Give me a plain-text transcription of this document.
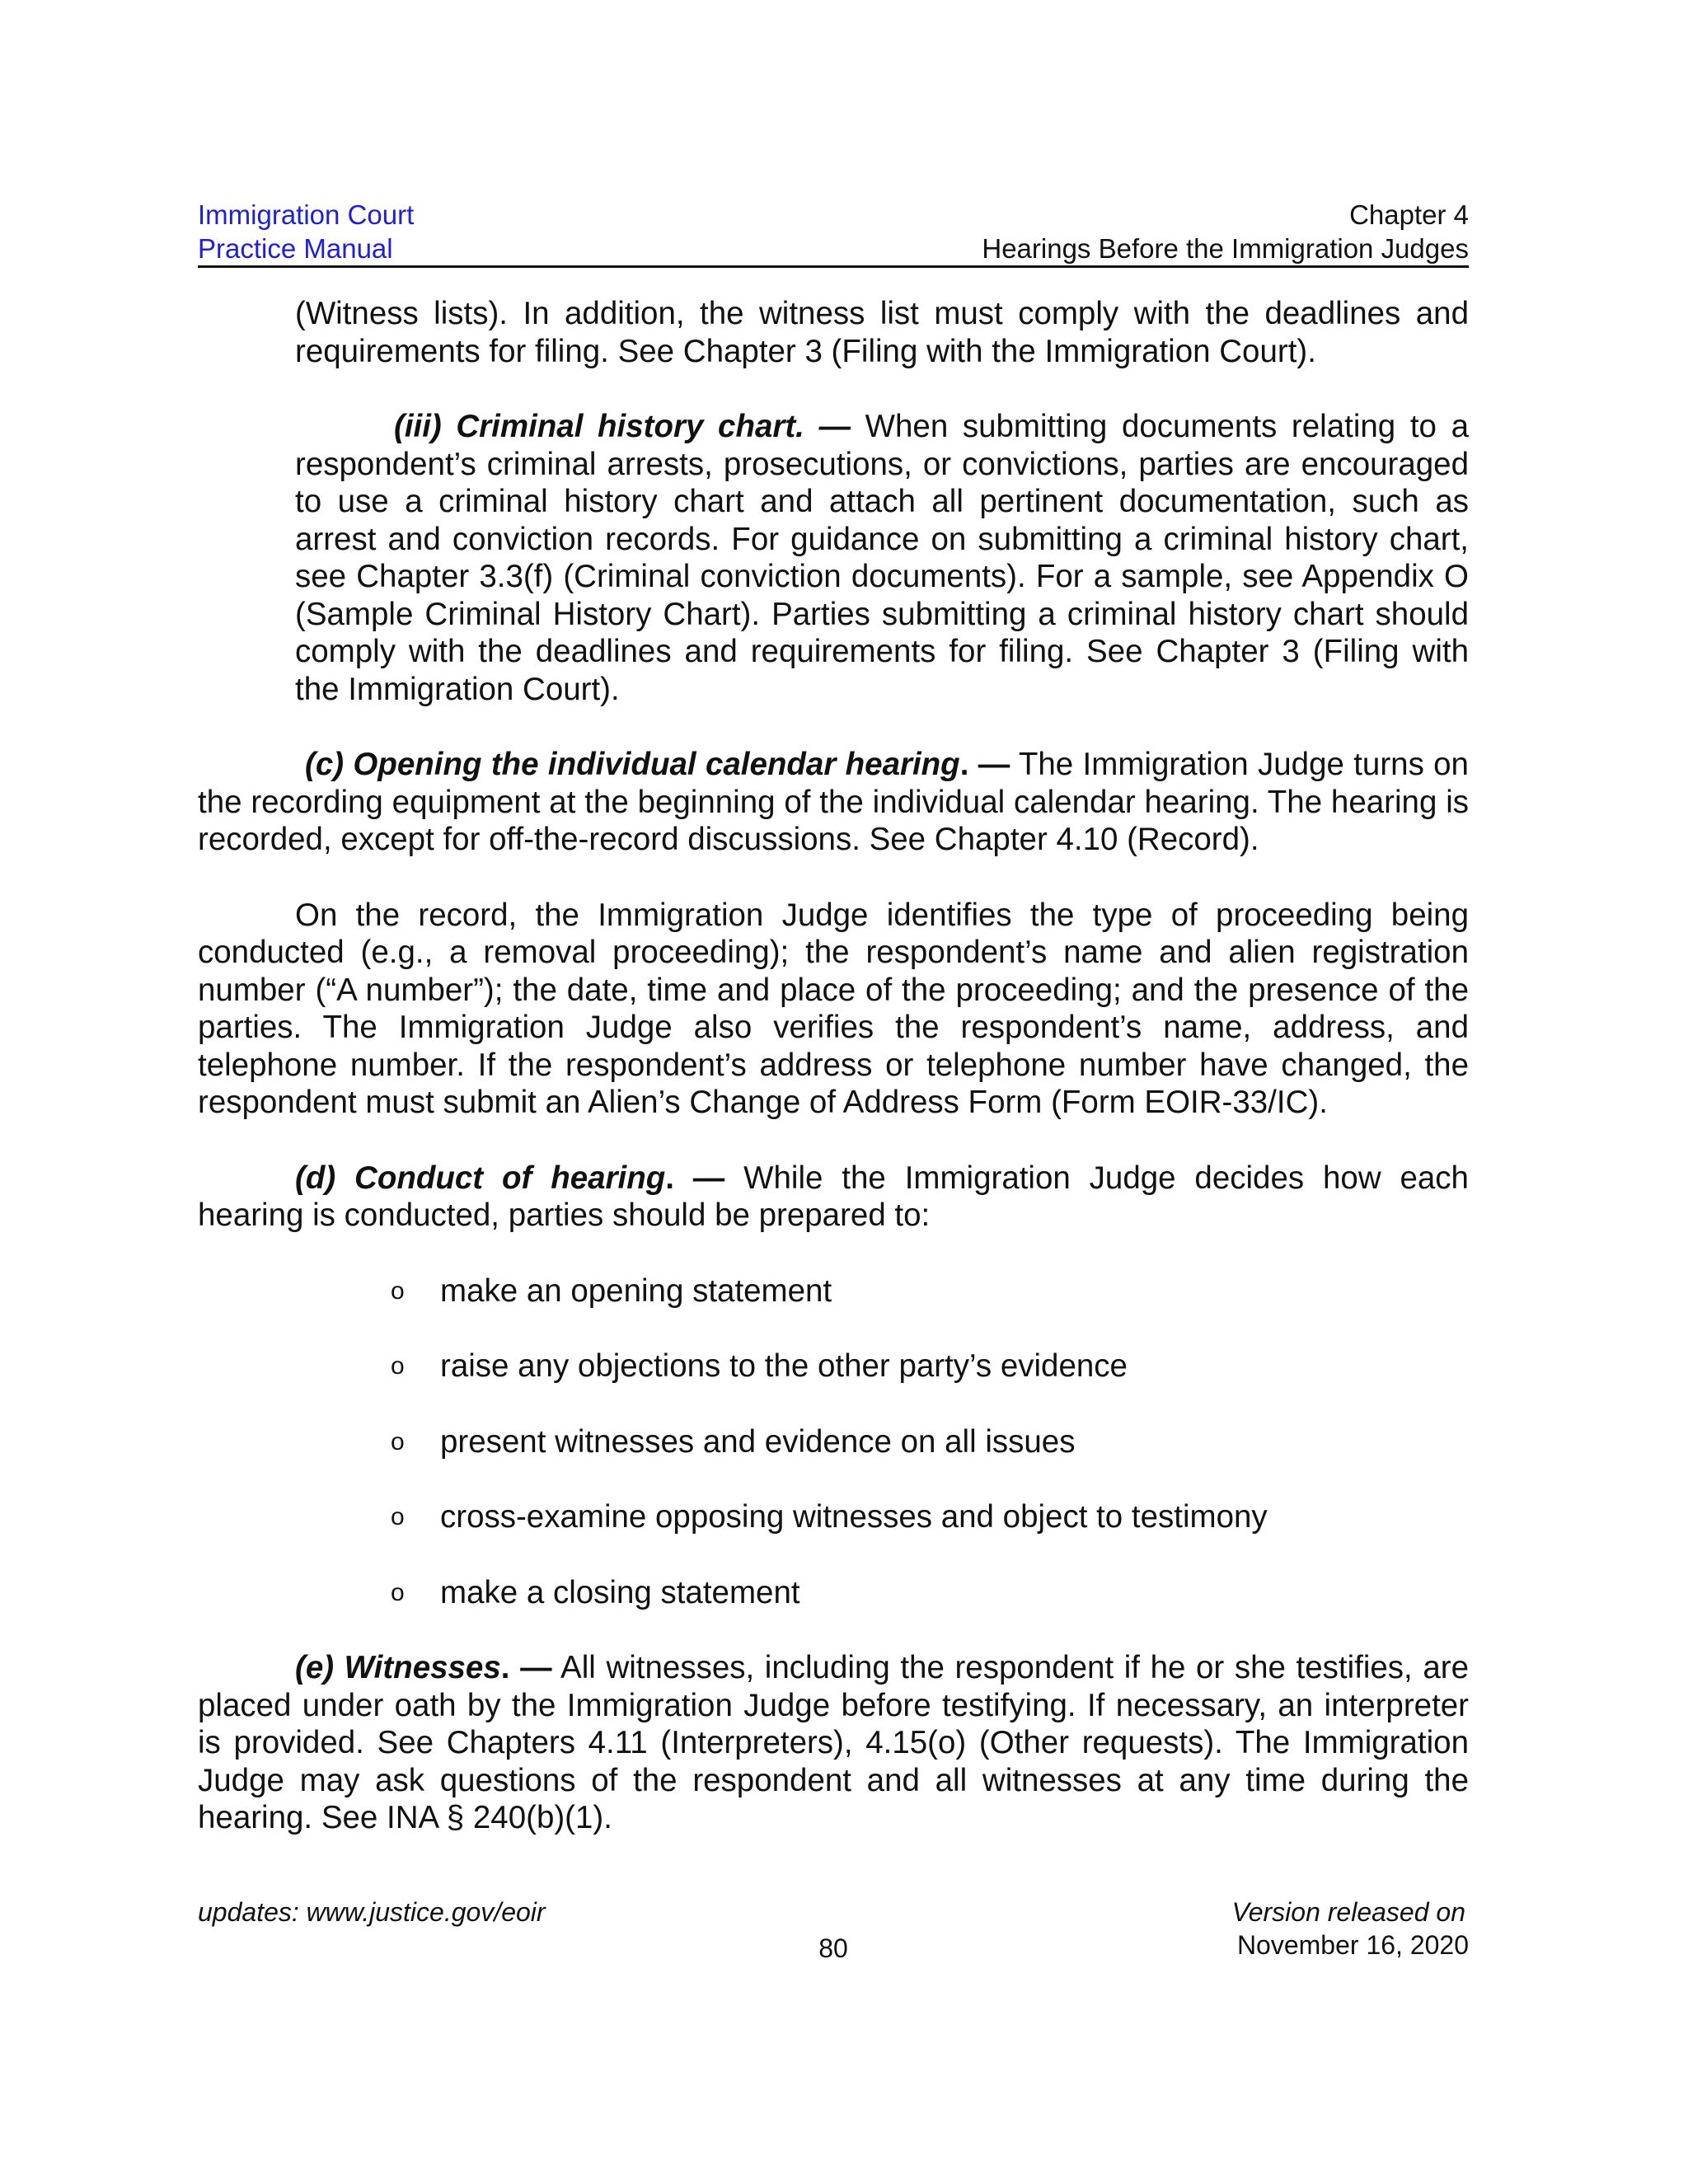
Immigration Court	Chapter 4
Practice Manual	Hearings Before the Immigration Judges

(Witness lists). In addition, the witness list must comply with the deadlines and requirements for filing. See Chapter 3 (Filing with the Immigration Court).

(iii) Criminal history chart. — When submitting documents relating to a respondent’s criminal arrests, prosecutions, or convictions, parties are encouraged to use a criminal history chart and attach all pertinent documentation, such as arrest and conviction records. For guidance on submitting a criminal history chart, see Chapter 3.3(f) (Criminal conviction documents). For a sample, see Appendix O (Sample Criminal History Chart). Parties submitting a criminal history chart should comply with the deadlines and requirements for filing. See Chapter 3 (Filing with the Immigration Court).

(c) Opening the individual calendar hearing. — The Immigration Judge turns on the recording equipment at the beginning of the individual calendar hearing. The hearing is recorded, except for off-the-record discussions. See Chapter 4.10 (Record).

On the record, the Immigration Judge identifies the type of proceeding being conducted (e.g., a removal proceeding); the respondent’s name and alien registration number (“A number”); the date, time and place of the proceeding; and the presence of the parties. The Immigration Judge also verifies the respondent’s name, address, and telephone number. If the respondent’s address or telephone number have changed, the respondent must submit an Alien’s Change of Address Form (Form EOIR-33/IC).

(d) Conduct of hearing. — While the Immigration Judge decides how each hearing is conducted, parties should be prepared to:

o make an opening statement
o raise any objections to the other party’s evidence
o present witnesses and evidence on all issues
o cross-examine opposing witnesses and object to testimony
o make a closing statement

(e) Witnesses. — All witnesses, including the respondent if he or she testifies, are placed under oath by the Immigration Judge before testifying. If necessary, an interpreter is provided. See Chapters 4.11 (Interpreters), 4.15(o) (Other requests). The Immigration Judge may ask questions of the respondent and all witnesses at any time during the hearing. See INA § 240(b)(1).

updates: www.justice.gov/eoir
80
Version released on
November 16, 2020
